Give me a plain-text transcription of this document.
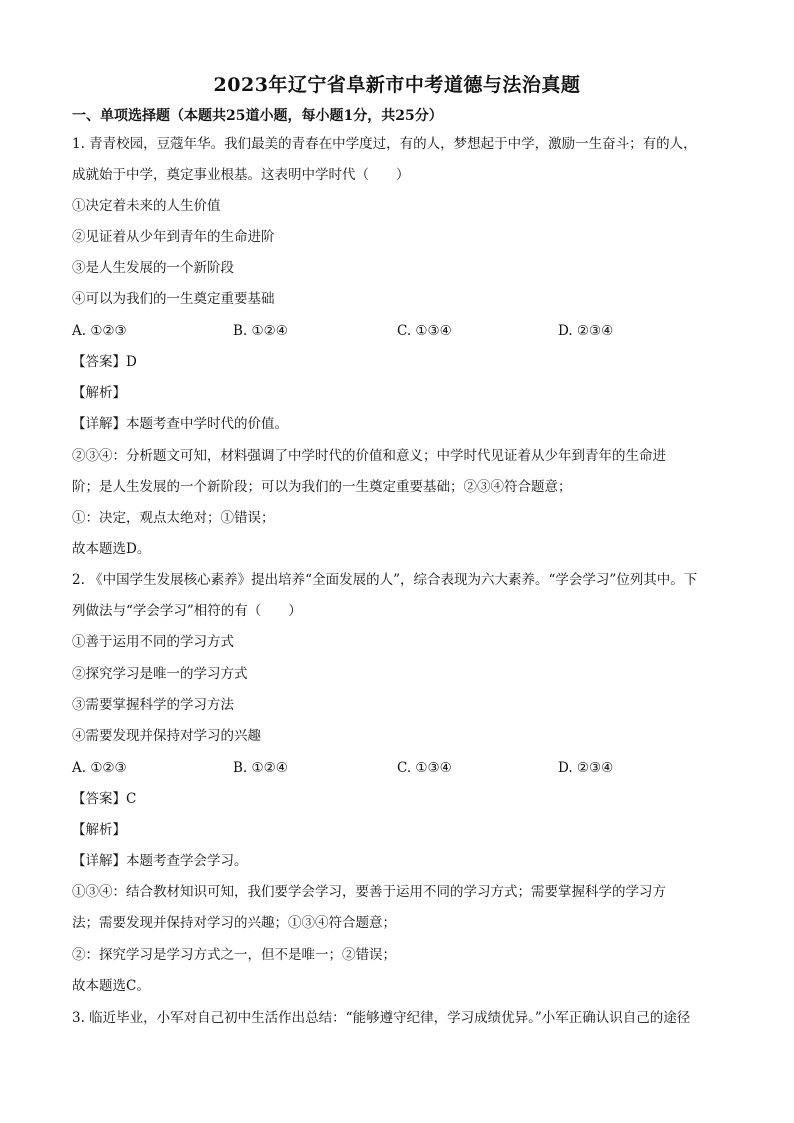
2023年辽宁省阜新市中考道德与法治真题
一、单项选择题（本题共25道小题，每小题1分，共25分）
1. 青青校园，豆蔻年华。我们最美的青春在中学度过，有的人，梦想起于中学，激励一生奋斗；有的人，
成就始于中学，奠定事业根基。这表明中学时代（　　）
①决定着未来的人生价值
②见证着从少年到青年的生命进阶
③是人生发展的一个新阶段
④可以为我们的一生奠定重要基础
A. ①②③	B. ①②④	C. ①③④	D. ②③④
【答案】D
【解析】
【详解】本题考查中学时代的价值。
②③④：分析题文可知，材料强调了中学时代的价值和意义；中学时代见证着从少年到青年的生命进
阶；是人生发展的一个新阶段；可以为我们的一生奠定重要基础；②③④符合题意；
①：决定，观点太绝对；①错误；
故本题选D。
2. 《中国学生发展核心素养》提出培养“全面发展的人”，综合表现为六大素养。“学会学习”位列其中。下
列做法与“学会学习”相符的有（　　）
①善于运用不同的学习方式
②探究学习是唯一的学习方式
③需要掌握科学的学习方法
④需要发现并保持对学习的兴趣
A. ①②③	B. ①②④	C. ①③④	D. ②③④
【答案】C
【解析】
【详解】本题考查学会学习。
①③④：结合教材知识可知，我们要学会学习，要善于运用不同的学习方式；需要掌握科学的学习方
法；需要发现并保持对学习的兴趣；①③④符合题意；
②：探究学习是学习方式之一，但不是唯一；②错误；
故本题选C。
3. 临近毕业，小军对自己初中生活作出总结：“能够遵守纪律，学习成绩优异。”小军正确认识自己的途径
